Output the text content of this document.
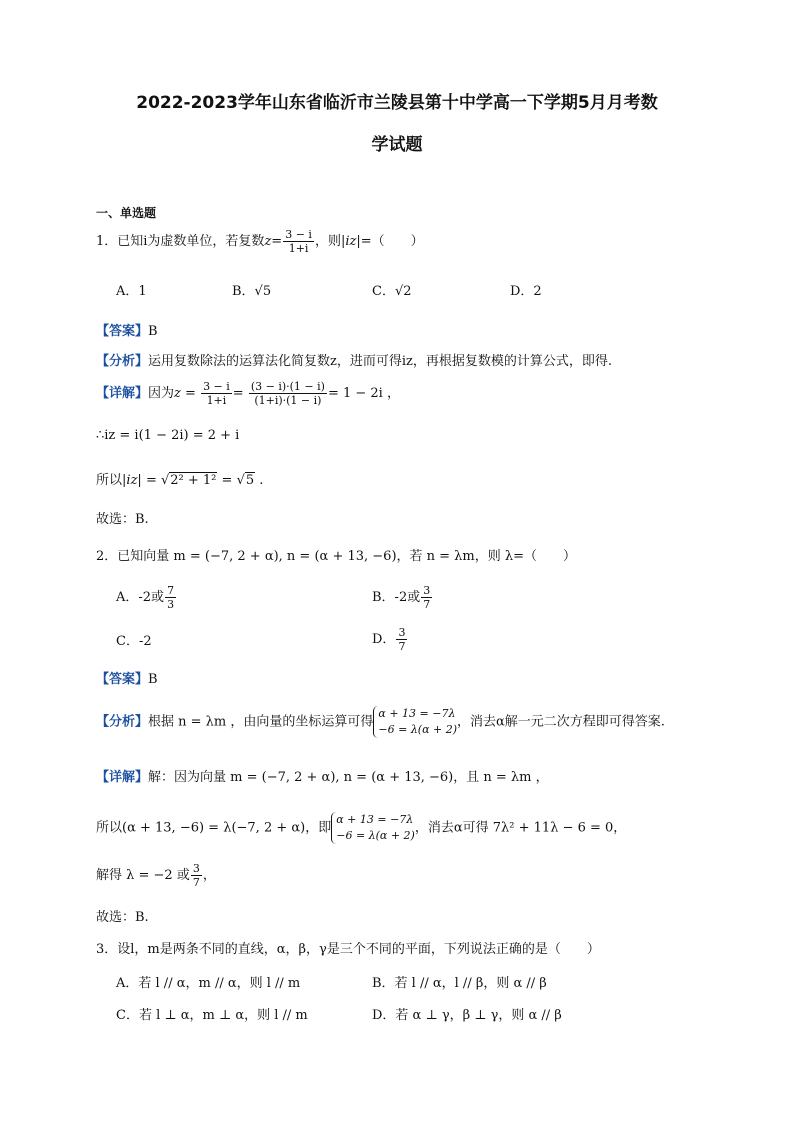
2022-2023学年山东省临沂市兰陵县第十中学高一下学期5月月考数
学试题
一、单选题
1．已知i为虚数单位，若复数$z= \frac{3 - i}{1+i}$ ，则|iz|=（　　）
A．1	B．√5	C．√2	D．2
【答案】B
【分析】运用复数除法的运算法化简复数z，进而可得iz，再根据复数模的计算公式，即得.
【详解】因为$z = \frac{3 - i}{1+i} = \frac{(3 - i)\cdot(1 - i)}{(1+i)\cdot(1 - i)} = 1 - 2i$ ，
∴iz = i(1 − 2i) = 2 + i
所以|iz| = √2² + 1² = √5 .
故选：B.
2．已知向量 m = (−7, 2 + α), n = (α + 13, −6)，若 n = λm，则 λ=（　　）
A．-2或 $\frac{7}{3}$	B．-2或 $\frac{3}{7}$
C．-2	D． $\frac{3}{7}$
【答案】B
【分析】根据 n = λm ，由向量的坐标运算可得α + 13 = −7λ
−6 = λ(α + 2)，消去α解一元二次方程即可得答案.
【详解】解：因为向量 m = (−7, 2 + α), n = (α + 13, −6)，且 n = λm ，
所以(α + 13, −6) = λ(−7, 2 + α)，即α + 13 = −7λ
−6 = λ(α + 2)，消去α可得 7λ² + 11λ − 6 = 0，
解得 λ = −2 或 $\frac{3}{7}$ ，
故选：B.
3．设l，m是两条不同的直线，α，β，γ是三个不同的平面，下列说法正确的是（　　）
A．若 l // α，m // α，则 l // m	B．若 l // α，l // β，则 α // β
C．若 l ⊥ α，m ⊥ α，则 l // m	D．若 α ⊥ γ，β ⊥ γ，则 α // β
